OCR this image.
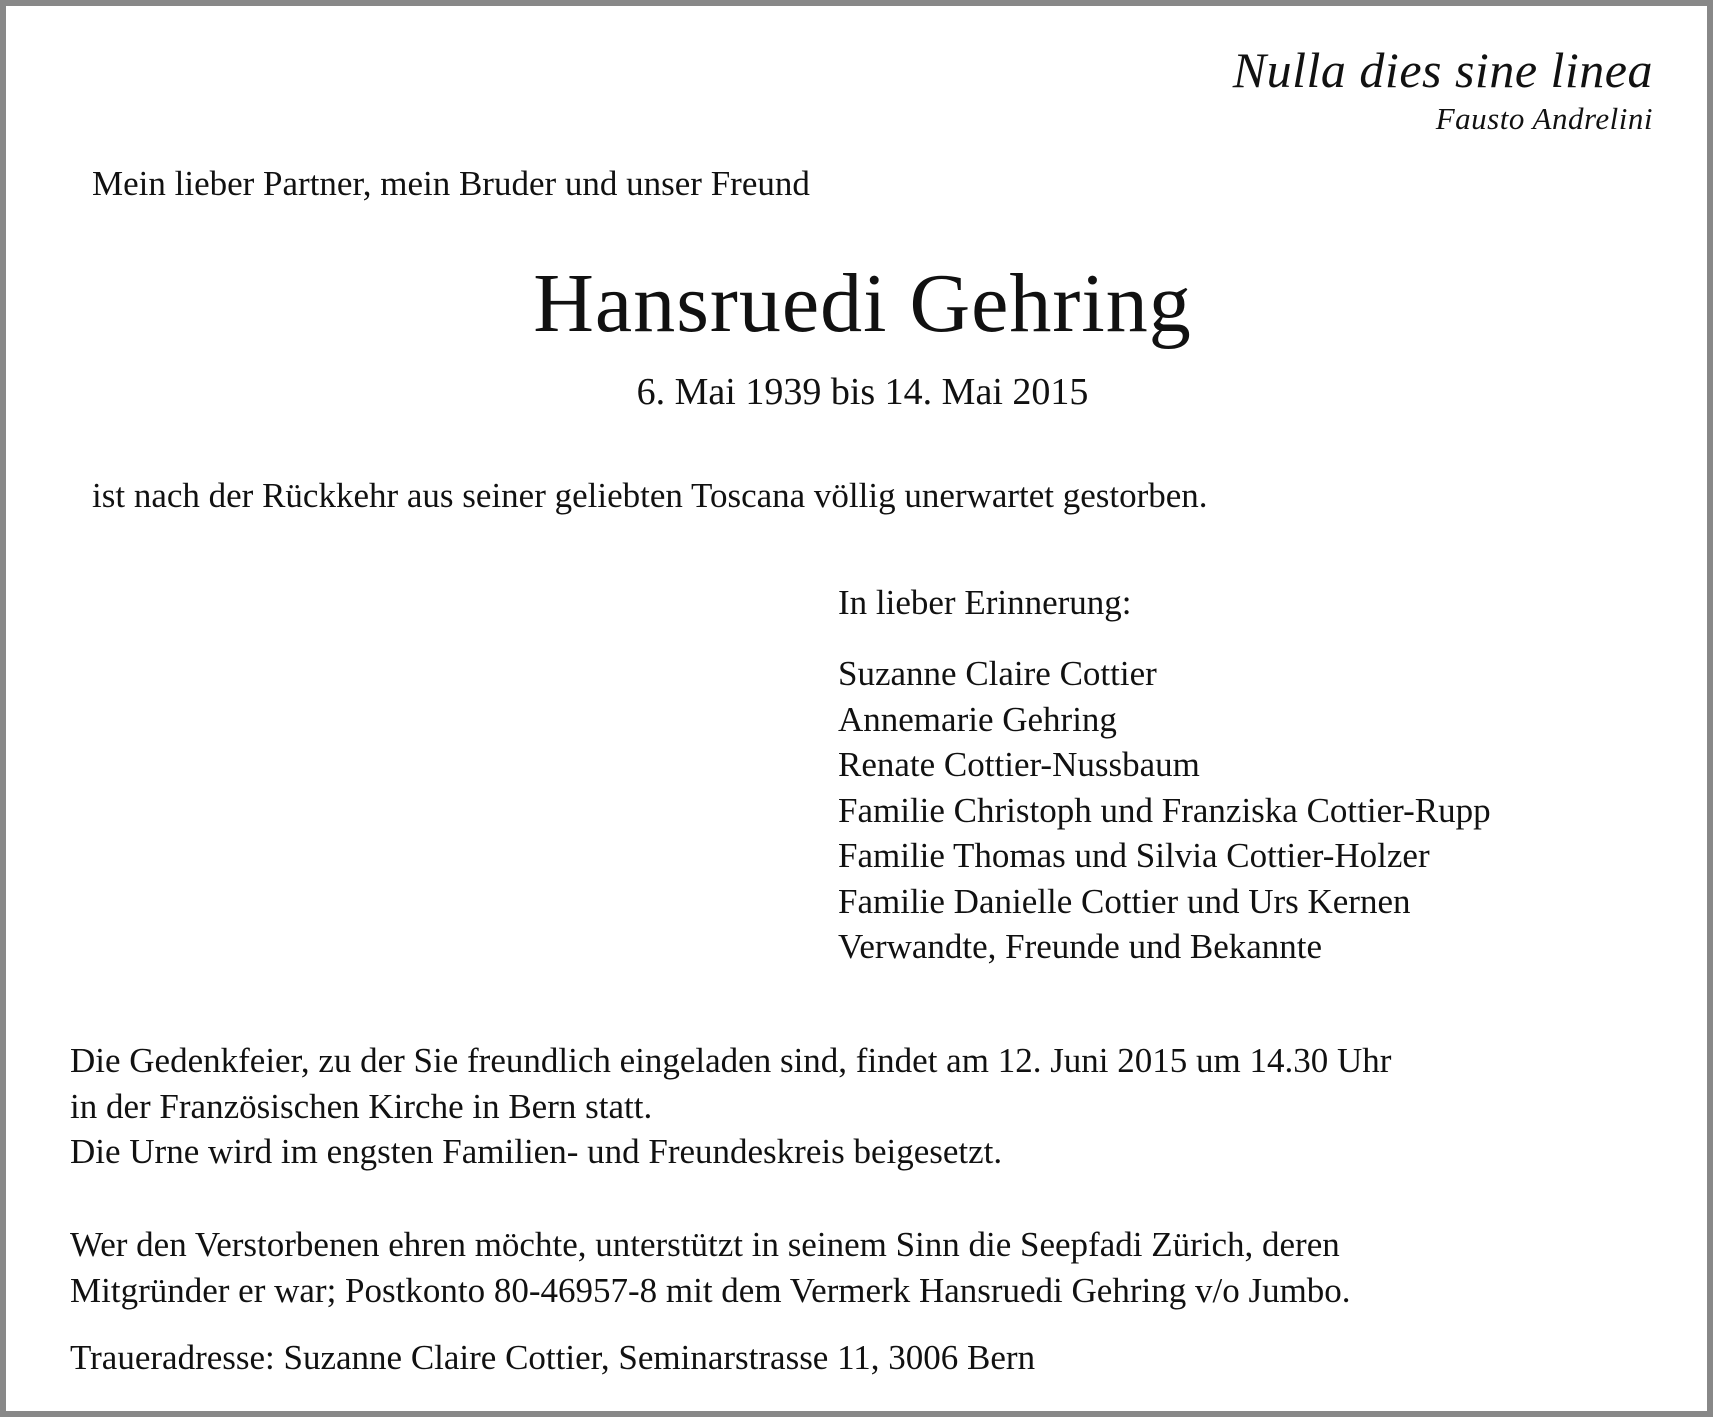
Nulla dies sine linea
Fausto Andrelini
Mein lieber Partner, mein Bruder und unser Freund
Hansruedi Gehring
6. Mai 1939 bis 14. Mai 2015
ist nach der Rückkehr aus seiner geliebten Toscana völlig unerwartet gestorben.
In lieber Erinnerung:
Suzanne Claire Cottier
Annemarie Gehring
Renate Cottier-Nussbaum
Familie Christoph und Franziska Cottier-Rupp
Familie Thomas und Silvia Cottier-Holzer
Familie Danielle Cottier und Urs Kernen
Verwandte, Freunde und Bekannte
Die Gedenkfeier, zu der Sie freundlich eingeladen sind, findet am 12. Juni 2015 um 14.30 Uhr
in der Französischen Kirche in Bern statt.
Die Urne wird im engsten Familien- und Freundeskreis beigesetzt.
Wer den Verstorbenen ehren möchte, unterstützt in seinem Sinn die Seepfadi Zürich, deren
Mitgründer er war; Postkonto 80-46957-8 mit dem Vermerk Hansruedi Gehring v/o Jumbo.
Traueradresse: Suzanne Claire Cottier, Seminarstrasse 11, 3006 Bern
